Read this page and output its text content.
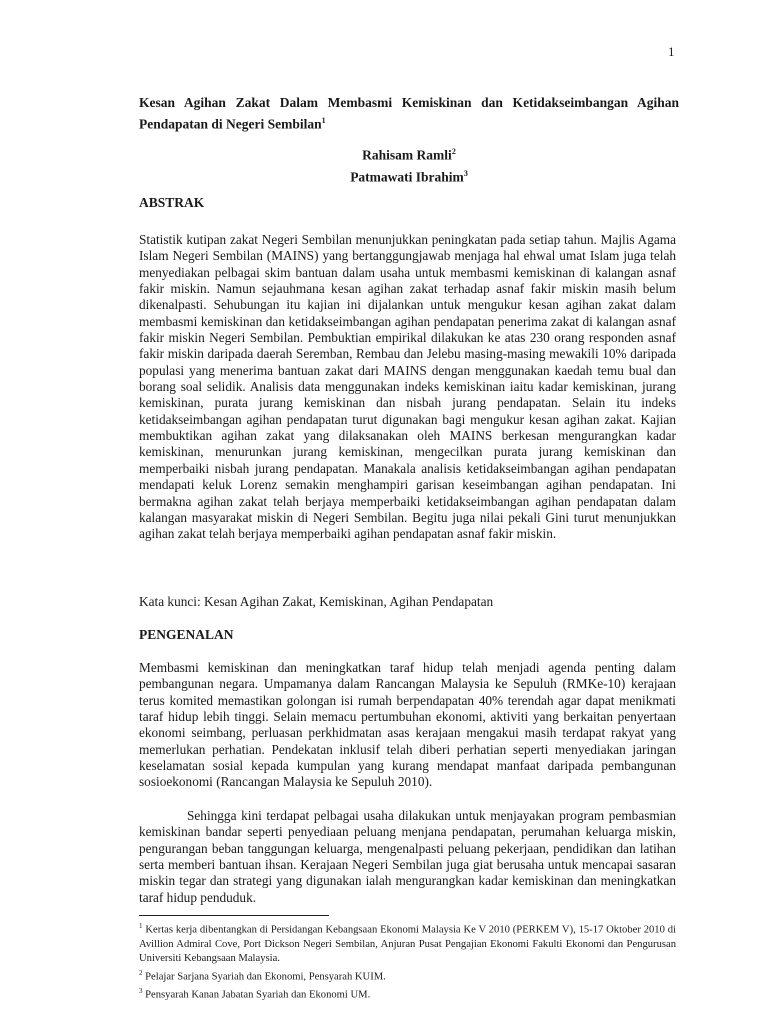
1
Kesan Agihan Zakat Dalam Membasmi Kemiskinan dan Ketidakseimbangan Agihan Pendapatan di Negeri Sembilan$^1$
Rahisam Ramli$^2$
Patmawati Ibrahim$^3$
ABSTRAK

Statistik kutipan zakat Negeri Sembilan menunjukkan peningkatan pada setiap tahun. Majlis Agama Islam Negeri Sembilan (MAINS) yang bertanggungjawab menjaga hal ehwal umat Islam juga telah menyediakan pelbagai skim bantuan dalam usaha untuk membasmi kemiskinan di kalangan asnaf fakir miskin. Namun sejauhmana kesan agihan zakat terhadap asnaf fakir miskin masih belum dikenalpasti. Sehubungan itu kajian ini dijalankan untuk mengukur kesan agihan zakat dalam membasmi kemiskinan dan ketidakseimbangan agihan pendapatan penerima zakat di kalangan asnaf fakir miskin Negeri Sembilan. Pembuktian empirikal dilakukan ke atas 230 orang responden asnaf fakir miskin daripada daerah Seremban, Rembau dan Jelebu masing-masing mewakili 10% daripada populasi yang menerima bantuan zakat dari MAINS dengan menggunakan kaedah temu bual dan borang soal selidik. Analisis data menggunakan indeks kemiskinan iaitu kadar kemiskinan, jurang kemiskinan, purata jurang kemiskinan dan nisbah jurang pendapatan. Selain itu indeks ketidakseimbangan agihan pendapatan turut digunakan bagi mengukur kesan agihan zakat. Kajian membuktikan agihan zakat yang dilaksanakan oleh MAINS berkesan mengurangkan kadar kemiskinan, menurunkan jurang kemiskinan, mengecilkan purata jurang kemiskinan dan memperbaiki nisbah jurang pendapatan. Manakala analisis ketidakseimbangan agihan pendapatan mendapati keluk Lorenz semakin menghampiri garisan keseimbangan agihan pendapatan. Ini bermakna agihan zakat telah berjaya memperbaiki ketidakseimbangan agihan pendapatan dalam kalangan masyarakat miskin di Negeri Sembilan. Begitu juga nilai pekali Gini turut menunjukkan agihan zakat telah berjaya memperbaiki agihan pendapatan asnaf fakir miskin.

Kata kunci: Kesan Agihan Zakat, Kemiskinan, Agihan Pendapatan

PENGENALAN

Membasmi kemiskinan dan meningkatkan taraf hidup telah menjadi agenda penting dalam pembangunan negara. Umpamanya dalam Rancangan Malaysia ke Sepuluh (RMKe-10) kerajaan terus komited memastikan golongan isi rumah berpendapatan 40% terendah agar dapat menikmati taraf hidup lebih tinggi. Selain memacu pertumbuhan ekonomi, aktiviti yang berkaitan penyertaan ekonomi seimbang, perluasan perkhidmatan asas kerajaan mengakui masih terdapat rakyat yang memerlukan perhatian. Pendekatan inklusif telah diberi perhatian seperti menyediakan jaringan keselamatan sosial kepada kumpulan yang kurang mendapat manfaat daripada pembangunan sosioekonomi (Rancangan Malaysia ke Sepuluh 2010).

Sehingga kini terdapat pelbagai usaha dilakukan untuk menjayakan program pembasmian kemiskinan bandar seperti penyediaan peluang menjana pendapatan, perumahan keluarga miskin, pengurangan beban tanggungan keluarga, mengenalpasti peluang pekerjaan, pendidikan dan latihan serta memberi bantuan ihsan. Kerajaan Negeri Sembilan juga giat berusaha untuk mencapai sasaran miskin tegar dan strategi yang digunakan ialah mengurangkan kadar kemiskinan dan meningkatkan taraf hidup penduduk.

$^1$ Kertas kerja dibentangkan di Persidangan Kebangsaan Ekonomi Malaysia Ke V 2010 (PERKEM V), 15-17 Oktober 2010 di Avillion Admiral Cove, Port Dickson Negeri Sembilan, Anjuran Pusat Pengajian Ekonomi Fakulti Ekonomi dan Pengurusan Universiti Kebangsaan Malaysia.

$^2$ Pelajar Sarjana Syariah dan Ekonomi, Pensyarah KUIM.

$^3$ Pensyarah Kanan Jabatan Syariah dan Ekonomi UM.
